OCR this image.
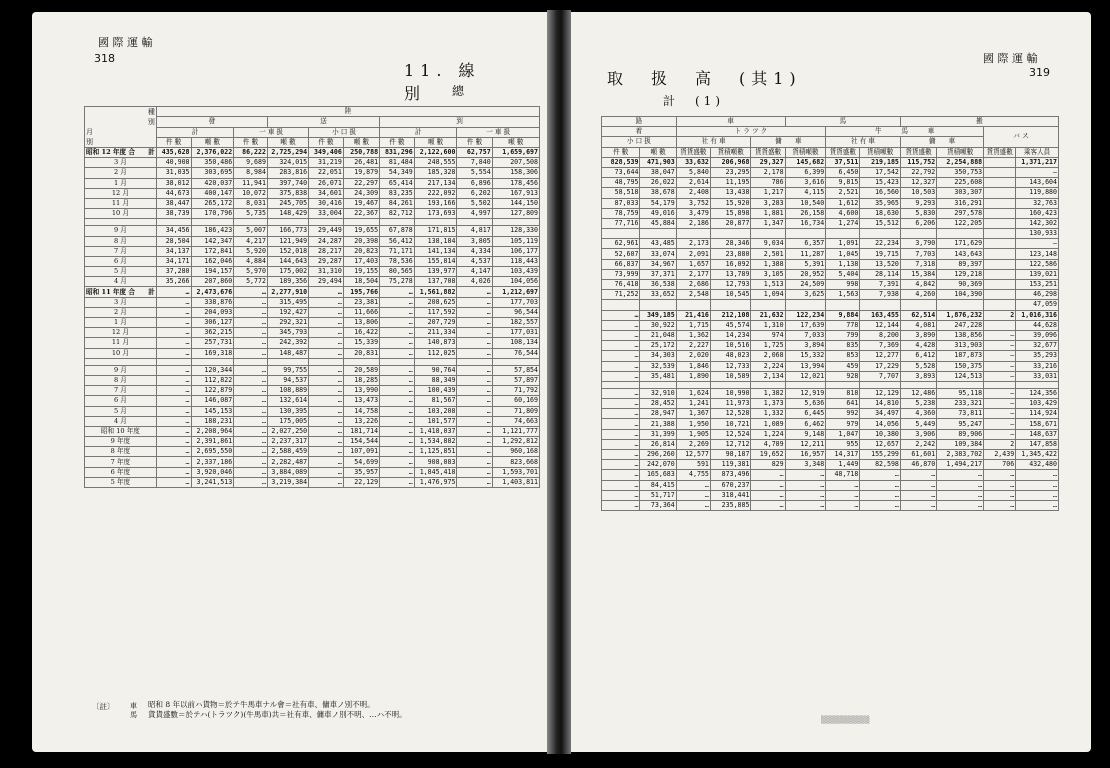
國 際 運 輸
318
11. 線　　　別	總
種
別
月
別	陸									
	發			送			到			
	計		一 車 扱		小 口 扱		計		一 車 扱	
	件 數	噸 數	件 數	噸 數	件 數	噸 數	件 數	噸 數	件 數	噸 數
昭和 12 年度 合　　計	435,628	2,376,022	86,222	2,725,294	349,406	250,788	831,296	2,122,600	62,757	1,659,697
3 月	40,908	350,486	9,689	324,015	31,219	26,481	81,484	248,555	7,840	207,508
2 月	31,035	303,695	8,984	283,816	22,051	19,879	54,349	185,328	5,554	158,306
1 月	38,012	420,037	11,941	397,740	26,071	22,297	65,414	217,134	6,896	178,456
12 月	44,673	400,147	10,072	375,838	34,601	24,309	83,235	222,092	6,202	167,913
11 月	38,447	265,172	8,031	245,705	30,416	19,467	84,261	193,166	5,502	144,150
10 月	38,739	170,796	5,735	148,429	33,004	22,367	82,712	173,693	4,997	127,809

9 月	34,456	186,423	5,007	166,773	29,449	19,655	67,878	171,815	4,817	128,330
8 月	28,504	142,347	4,217	121,949	24,287	20,398	56,412	138,184	3,805	105,119
7 月	34,137	172,841	5,920	152,018	28,217	20,823	71,171	141,134	4,334	106,177
6 月	34,171	162,046	4,884	144,643	29,287	17,403	78,536	155,814	4,537	118,443
5 月	37,280	194,157	5,970	175,002	31,310	19,155	80,565	139,977	4,147	103,439
4 月	35,266	207,860	5,772	189,356	29,494	18,504	75,278	137,708	4,026	104,056
昭和 11 年度 合　　計	…	2,473,676	…	2,277,910	…	195,766	…	1,561,882	…	1,212,697
3 月	…	338,876	…	315,495	…	23,381	…	208,625	…	177,703
2 月	…	204,093	…	192,427	…	11,666	…	117,592	…	96,544
1 月	…	306,127	…	292,321	…	13,806	…	207,729	…	182,557
12 月	…	362,215	…	345,793	…	16,422	…	211,334	…	177,031
11 月	…	257,731	…	242,392	…	15,339	…	140,873	…	108,134
10 月	…	169,318	…	148,487	…	20,831	…	112,025	…	76,544

9 月	…	120,344	…	99,755	…	20,589	…	90,764	…	57,854
8 月	…	112,822	…	94,537	…	18,285	…	88,349	…	57,897
7 月	…	122,879	…	108,889	…	13,990	…	100,439	…	71,792
6 月	…	146,087	…	132,614	…	13,473	…	81,567	…	60,169
5 月	…	145,153	…	130,395	…	14,758	…	103,208	…	71,809
4 月	…	188,231	…	175,005	…	13,226	…	101,577	…	74,663
昭和 10 年度	…	2,208,964	…	2,027,250	…	181,714	…	1,418,037	…	1,121,777
9 年度	…	2,391,861	…	2,237,317	…	154,544	…	1,534,882	…	1,292,812
8 年度	…	2,695,550	…	2,588,459	…	107,091	…	1,125,851	…	960,168
7 年度	…	2,337,186	…	2,282,487	…	54,699	…	908,083	…	823,668
6 年度	…	3,920,046	…	3,884,089	…	35,957	…	1,845,418	…	1,593,701
5 年度	…	3,241,513	…	3,219,384	…	22,129	…	1,476,975	…	1,403,811
〔註〕 車 馬
昭和 8 年以前ハ貨物＝於テ牛馬車ナル會＝社有車、傭車ノ別不明。
貨貨盛數＝於テハ(トラツク)(牛馬車)共＝社有車、傭車ノ別不明、…ハ不明。
國 際 運 輸
319
取　扱　高　(其1)
計　(1)
路		車			馬			搬			
着		ト ラ ツ ク				牛　　　馬　　　車				バ ス	
小 口 扱		社 有 車		傭　　車		社 有 車		傭　　車			
件 數	噸 數	貨貨盛數	貨積噸數	貨貨盛數	貨積噸數	貨貨盛數	貨積噸數	貨貨盛數	貨積噸數	貨貨盛數	乘客人員
828,539	471,903	33,632	206,968	29,327	145,682	37,511	219,185	115,752	2,254,888		1,371,217
73,644	38,047	5,840	23,295	2,178	6,399	6,450	17,542	22,792	350,753		—
48,795	26,022	2,614	11,195	786	3,616	9,815	15,423	12,327	225,608		143,604
58,518	38,678	2,408	13,438	1,217	4,115	2,521	16,560	10,503	303,307		119,880
87,033	54,179	3,752	15,920	3,283	10,540	1,612	35,965	9,293	316,291		32,763
78,759	49,016	3,479	15,898	1,881	26,158	4,600	18,630	5,830	297,578		160,423
77,716	45,884	2,186	20,877	1,347	16,734	1,274	15,512	6,206	122,205		142,302
											130,933
62,961	43,485	2,173	28,346	9,034	6,357	1,091	22,234	3,790	171,629		—
52,607	33,074	2,091	23,880	2,501	11,287	1,045	19,715	7,703	143,643		123,148
66,837	34,967	1,657	16,092	1,388	5,391	1,138	13,520	7,318	89,397		122,586
73,999	37,371	2,177	13,789	3,105	20,952	5,404	28,114	15,384	129,218		139,021
76,418	36,538	2,686	12,793	1,513	24,509	998	7,391	4,842	90,369		153,251
71,252	33,652	2,548	10,545	1,094	3,625	1,563	7,938	4,260	104,390		46,298
											47,059
…	349,185	21,416	212,108	21,632	122,234	9,884	163,455	62,514	1,876,232	2	1,016,316
…	30,922	1,715	45,574	1,310	17,639	778	12,144	4,081	247,228		44,628
…	21,048	1,362	14,234	974	7,033	799	8,200	3,890	138,856	—	39,096
…	25,172	2,227	10,516	1,725	3,894	835	7,369	4,428	313,903	—	32,677
…	34,303	2,020	48,023	2,068	15,332	853	12,277	6,412	187,873	—	35,293
…	32,539	1,846	12,733	2,224	13,994	459	17,229	5,528	150,375	—	33,216
…	35,481	1,890	10,589	2,134	12,021	928	7,707	3,893	124,513	—	33,031

…	32,910	1,624	10,990	1,382	12,919	818	12,129	12,486	95,118	—	124,356
…	28,452	1,241	11,973	1,373	5,636	641	14,810	5,238	233,321	—	103,429
…	28,947	1,367	12,528	1,332	6,445	992	34,497	4,360	73,811	—	114,924
…	21,388	1,950	10,721	1,089	6,462	979	14,056	5,449	95,247	—	158,671
…	31,399	1,905	12,524	1,224	9,148	1,047	10,380	3,906	89,906	—	148,637
…	26,814	2,269	12,712	4,789	12,211	955	12,657	2,242	109,384	2	147,858
…	296,260	12,577	98,187	19,652	16,957	14,317	155,299	61,601	2,383,702	2,439	1,345,422
…	242,070	591	119,381	829	3,348	1,449	82,598	46,870	1,494,217	706	432,480
…	165,683	4,755	873,496	…	…	48,718	…	…	…	…	…
…	84,415	…	670,237	…	…	…	…	…	…	…	…
…	51,717	…	318,441	…	…	…	…	…	…	…	…
…	73,364	…	235,885	…	…	…	…	…	…	…	…
▒▒▒▒▒▒▒▒▒
